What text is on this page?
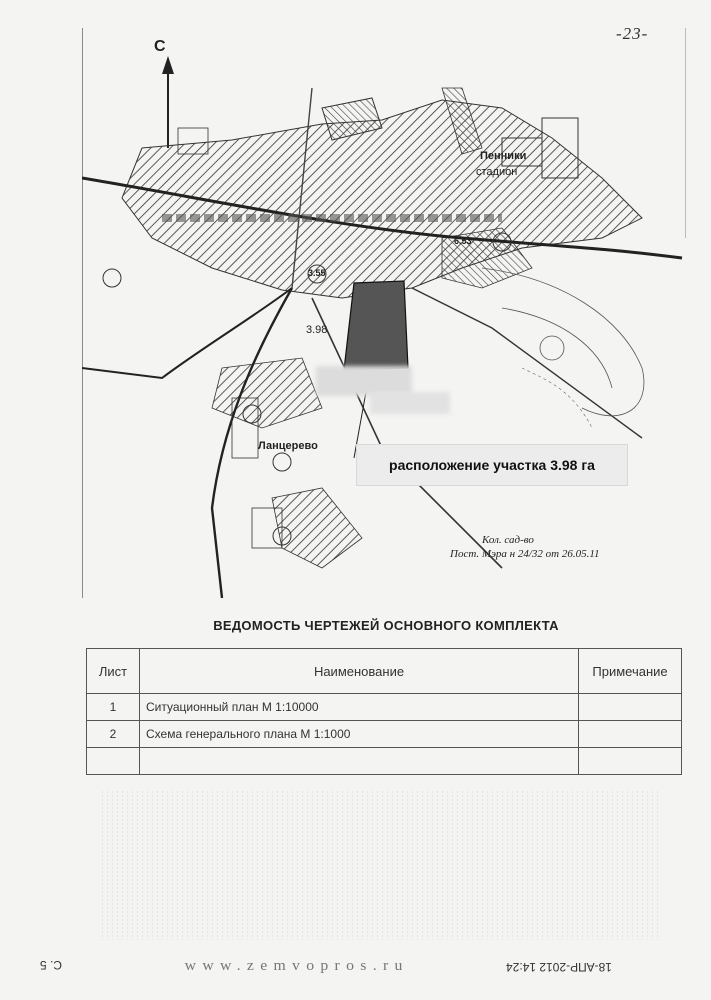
-23-
С
Пенники
стадион
Ланцерево
Кол. сад-во
Пост. Мэра н 24/32 от 26.05.11
3.98
3.55
6.53
расположение участка 3.98 га
ВЕДОМОСТЬ ЧЕРТЕЖЕЙ ОСНОВНОГО КОМПЛЕКТА
Лист	Наименование	Примечание
1	Ситуационный план М 1:10000	
2	Схема генерального плана М 1:1000	

С. 5	www.zemvopros.ru	18-АПР-2012 14:24
